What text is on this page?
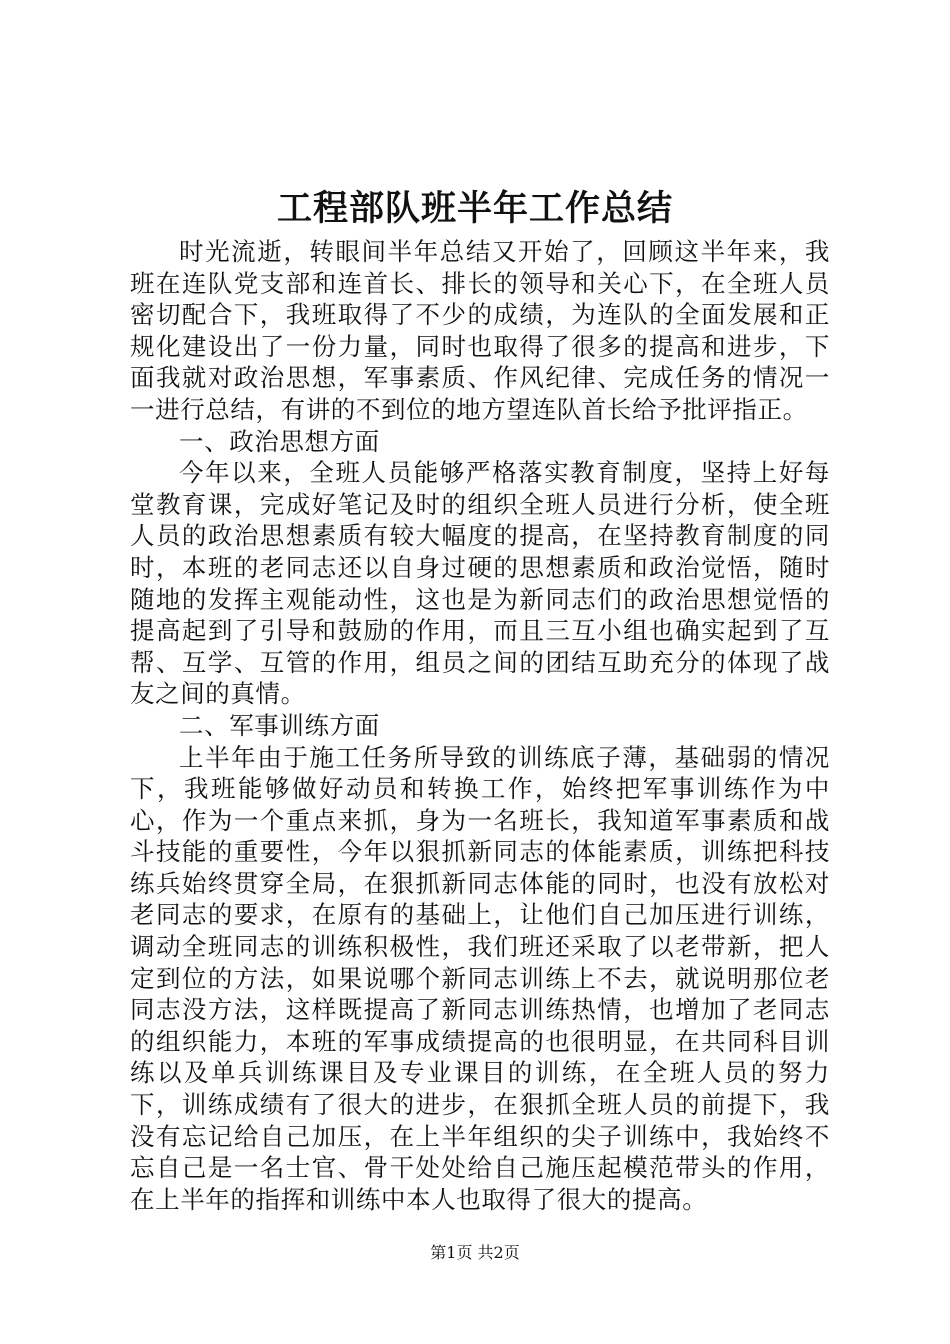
工程部队班半年工作总结

时光流逝，转眼间半年总结又开始了，回顾这半年来，我班在连队党支部和连首长、排长的领导和关心下，在全班人员密切配合下，我班取得了不少的成绩，为连队的全面发展和正规化建设出了一份力量，同时也取得了很多的提高和进步，下面我就对政治思想，军事素质、作风纪律、完成任务的情况一一进行总结，有讲的不到位的地方望连队首长给予批评指正。

一、政治思想方面

今年以来，全班人员能够严格落实教育制度，坚持上好每堂教育课，完成好笔记及时的组织全班人员进行分析，使全班人员的政治思想素质有较大幅度的提高，在坚持教育制度的同时，本班的老同志还以自身过硬的思想素质和政治觉悟，随时随地的发挥主观能动性，这也是为新同志们的政治思想觉悟的提高起到了引导和鼓励的作用，而且三互小组也确实起到了互帮、互学、互管的作用，组员之间的团结互助充分的体现了战友之间的真情。

二、军事训练方面

上半年由于施工任务所导致的训练底子薄，基础弱的情况下，我班能够做好动员和转换工作，始终把军事训练作为中心，作为一个重点来抓，身为一名班长，我知道军事素质和战斗技能的重要性，今年以狠抓新同志的体能素质，训练把科技练兵始终贯穿全局，在狠抓新同志体能的同时，也没有放松对老同志的要求，在原有的基础上，让他们自己加压进行训练，调动全班同志的训练积极性，我们班还采取了以老带新，把人定到位的方法，如果说哪个新同志训练上不去，就说明那位老同志没方法，这样既提高了新同志训练热情，也增加了老同志的组织能力，本班的军事成绩提高的也很明显，在共同科目训练以及单兵训练课目及专业课目的训练，在全班人员的努力下，训练成绩有了很大的进步，在狠抓全班人员的前提下，我没有忘记给自己加压，在上半年组织的尖子训练中，我始终不忘自己是一名士官、骨干处处给自己施压起模范带头的作用，在上半年的指挥和训练中本人也取得了很大的提高。

第1页 共2页
